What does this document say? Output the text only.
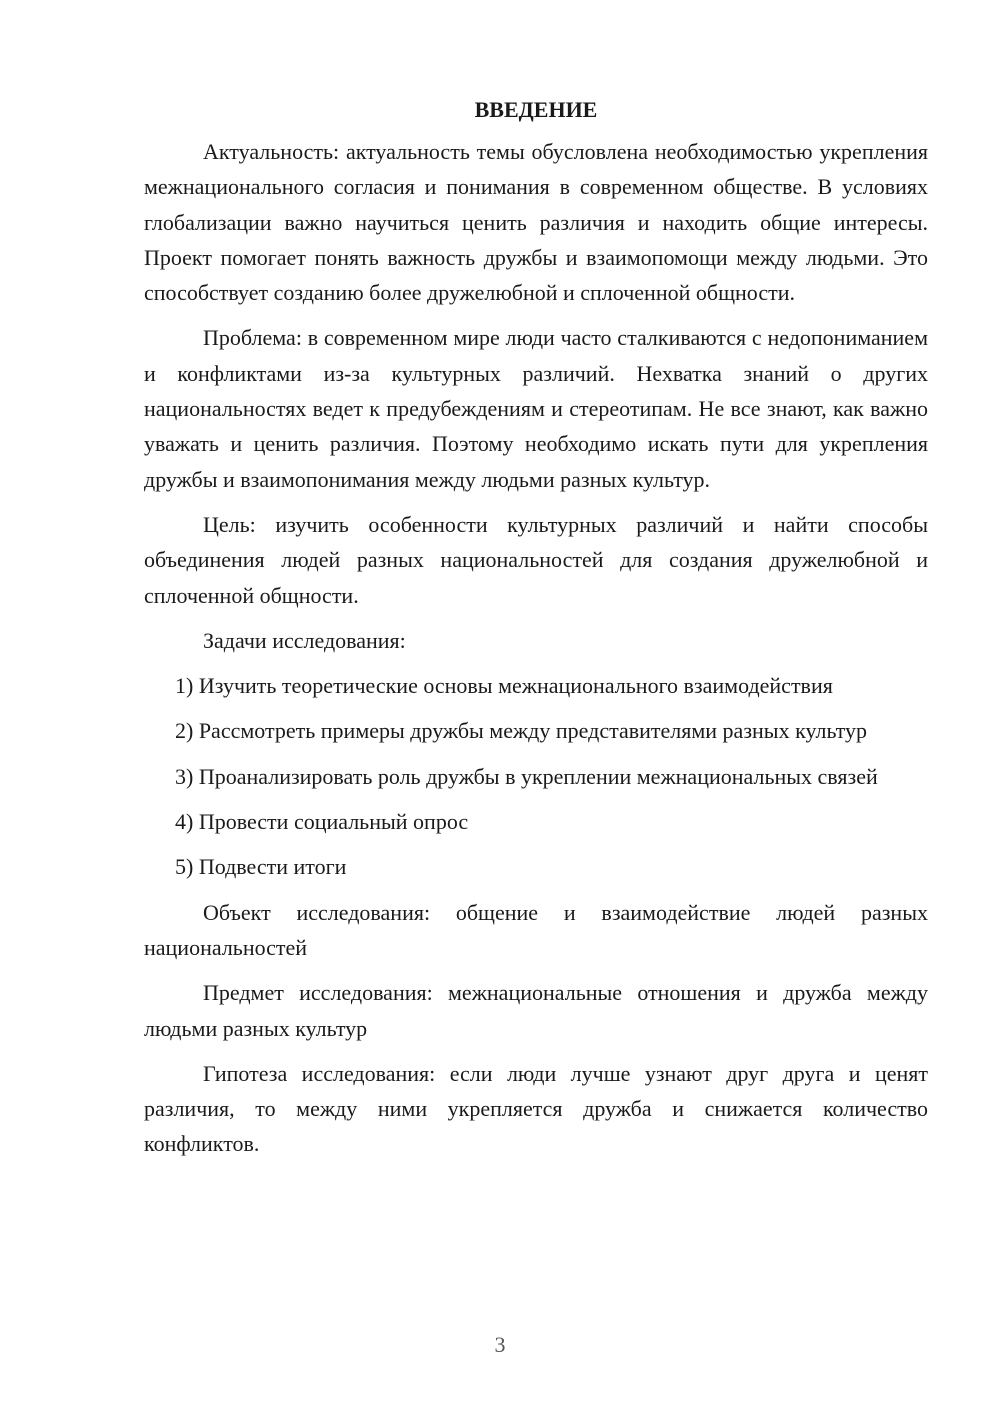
ВВЕДЕНИЕ

Актуальность: актуальность темы обусловлена необходимостью укрепления межнационального согласия и понимания в современном обществе. В условиях глобализации важно научиться ценить различия и находить общие интересы. Проект помогает понять важность дружбы и взаимопомощи между людьми. Это способствует созданию более дружелюбной и сплоченной общности.

Проблема: в современном мире люди часто сталкиваются с недопониманием и конфликтами из-за культурных различий. Нехватка знаний о других национальностях ведет к предубеждениям и стереотипам. Не все знают, как важно уважать и ценить различия. Поэтому необходимо искать пути для укрепления дружбы и взаимопонимания между людьми разных культур.

Цель: изучить особенности культурных различий и найти способы объединения людей разных национальностей для создания дружелюбной и сплоченной общности.

Задачи исследования:

1) Изучить теоретические основы межнационального взаимодействия

2) Рассмотреть примеры дружбы между представителями разных культур

3) Проанализировать роль дружбы в укреплении межнациональных связей

4) Провести социальный опрос

5) Подвести итоги

Объект исследования: общение и взаимодействие людей разных национальностей

Предмет исследования: межнациональные отношения и дружба между людьми разных культур

Гипотеза исследования: если люди лучше узнают друг друга и ценят различия, то между ними укрепляется дружба и снижается количество конфликтов.

3
